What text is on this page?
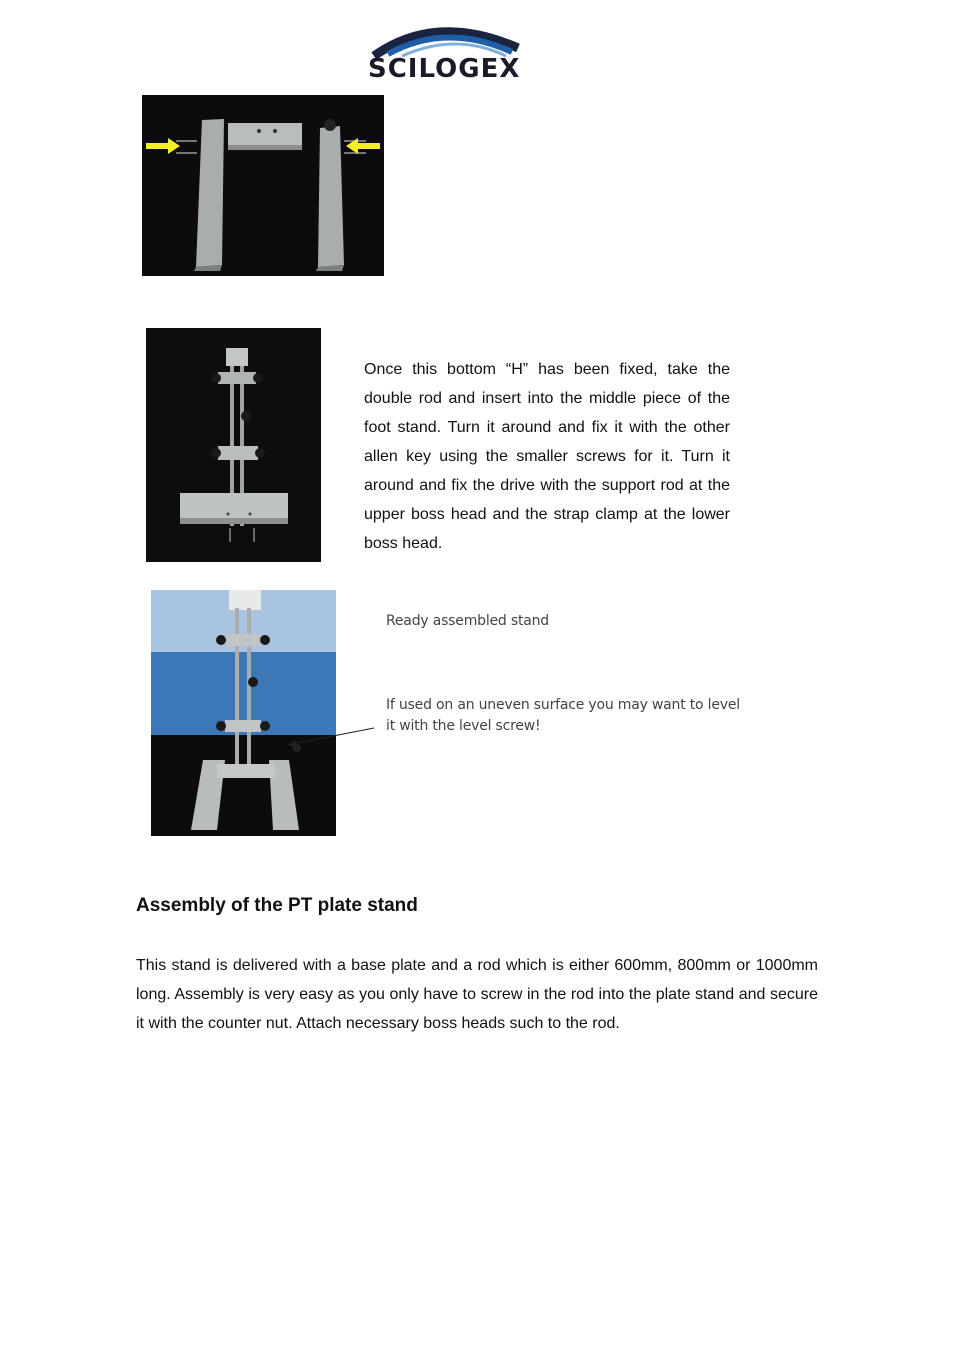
SCILOGEX

Once this bottom “H” has been fixed, take the double rod and insert into the middle piece of the foot stand. Turn it around and fix it with the other allen key using the smaller screws for it. Turn it around and fix the drive with the support rod at the upper boss head and the strap clamp at the lower boss head.

Ready assembled stand
If used on an uneven surface you may want to level
it with the level screw!
Assembly of the PT plate stand

This stand is delivered with a base plate and a rod which is either 600mm, 800mm or 1000mm long. Assembly is very easy as you only have to screw in the rod into the plate stand and secure it with the counter nut. Attach necessary boss heads such to the rod.
